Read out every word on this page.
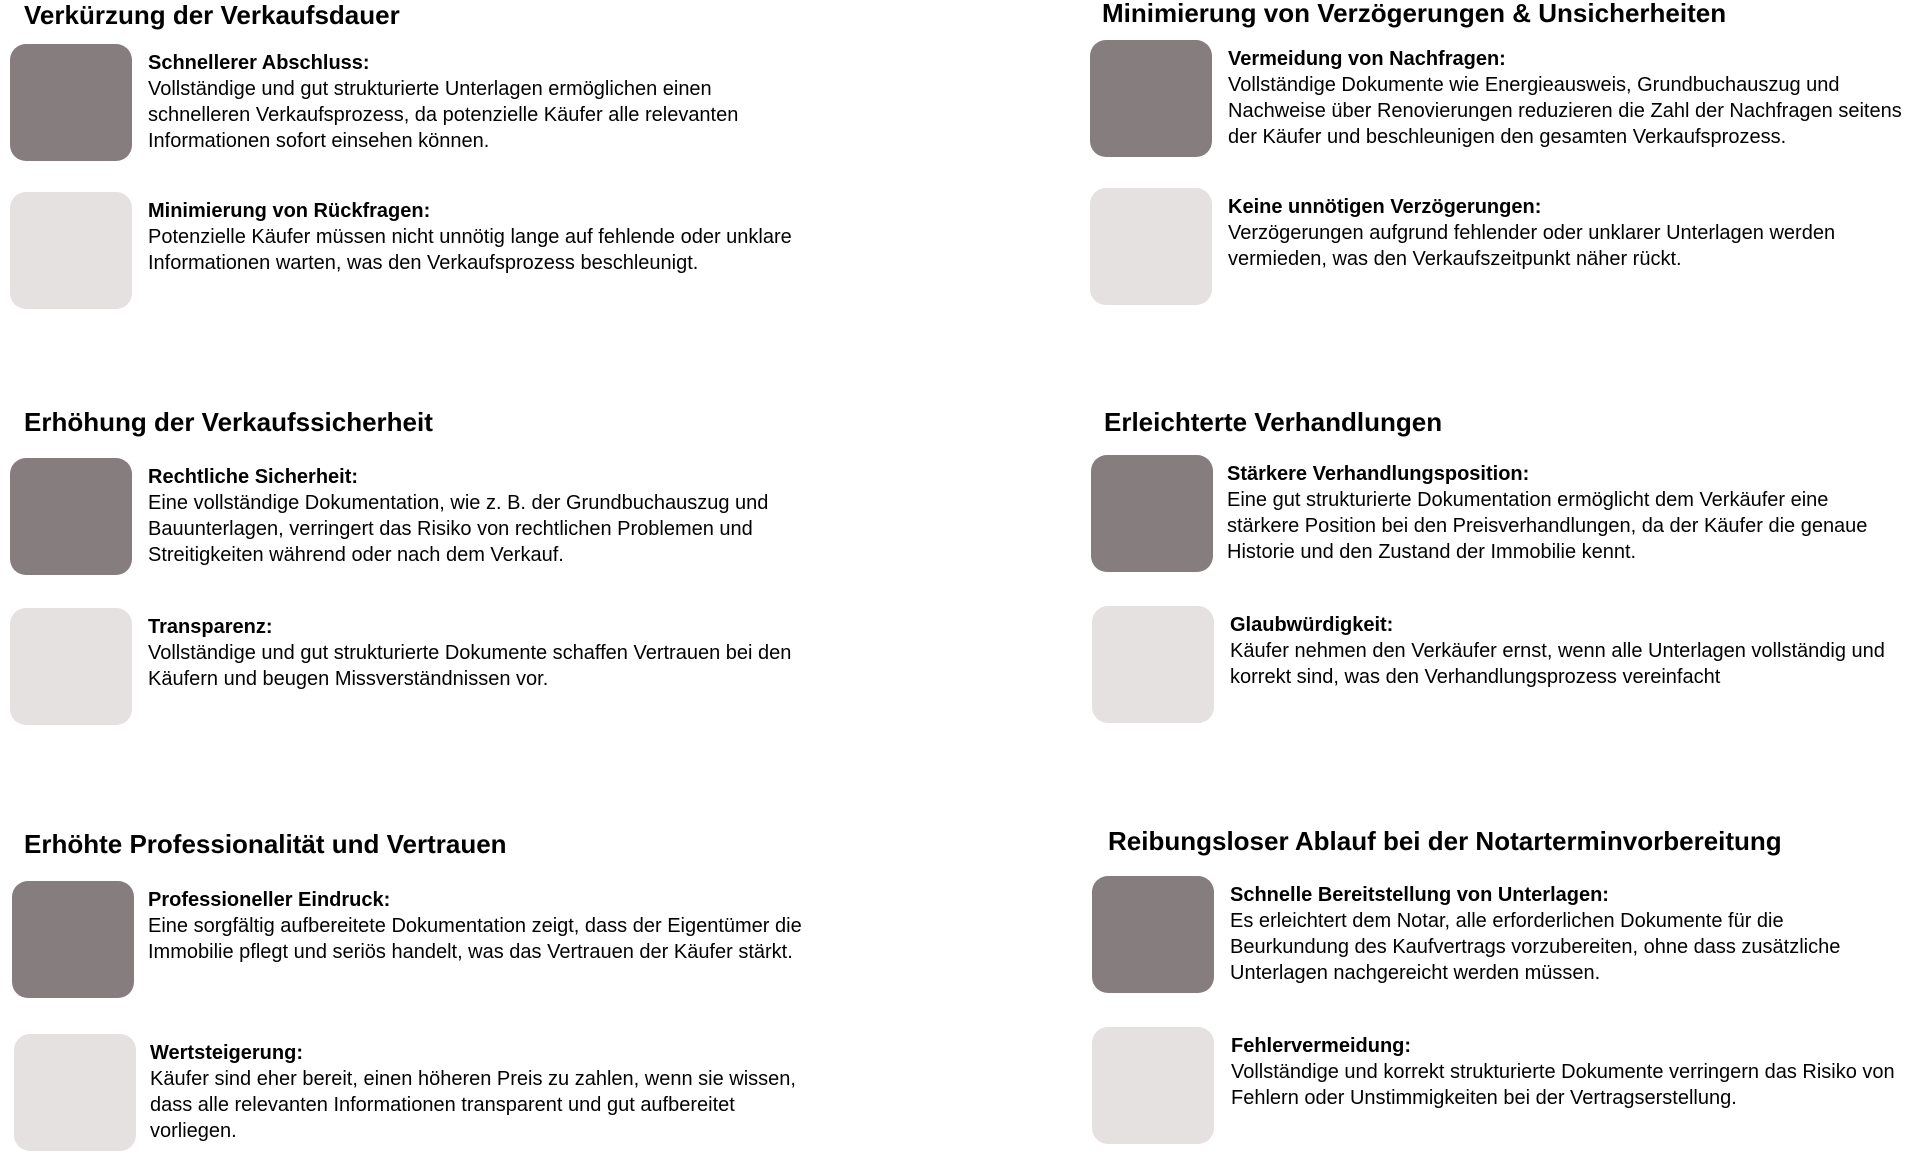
Verkürzung der Verkaufsdauer
Schnellerer Abschluss:
Vollständige und gut strukturierte Unterlagen ermöglichen einen schnelleren Verkaufsprozess, da potenzielle Käufer alle relevanten Informationen sofort einsehen können.
Minimierung von Rückfragen:
Potenzielle Käufer müssen nicht unnötig lange auf fehlende oder unklare Informationen warten, was den Verkaufsprozess beschleunigt.
Minimierung von Verzögerungen & Unsicherheiten
Vermeidung von Nachfragen:
Vollständige Dokumente wie Energieausweis, Grundbuchauszug und Nachweise über Renovierungen reduzieren die Zahl der Nachfragen seitens der Käufer und beschleunigen den gesamten Verkaufsprozess.
Keine unnötigen Verzögerungen:
Verzögerungen aufgrund fehlender oder unklarer Unterlagen werden vermieden, was den Verkaufszeitpunkt näher rückt.
Erhöhung der Verkaufssicherheit
Rechtliche Sicherheit:
Eine vollständige Dokumentation, wie z. B. der Grundbuchauszug und Bauunterlagen, verringert das Risiko von rechtlichen Problemen und Streitigkeiten während oder nach dem Verkauf.
Transparenz:
Vollständige und gut strukturierte Dokumente schaffen Vertrauen bei den Käufern und beugen Missverständnissen vor.
Erleichterte Verhandlungen
Stärkere Verhandlungsposition:
Eine gut strukturierte Dokumentation ermöglicht dem Verkäufer eine stärkere Position bei den Preisverhandlungen, da der Käufer die genaue Historie und den Zustand der Immobilie kennt.
Glaubwürdigkeit:
Käufer nehmen den Verkäufer ernst, wenn alle Unterlagen vollständig und korrekt sind, was den Verhandlungsprozess vereinfacht
Erhöhte Professionalität und Vertrauen
Professioneller Eindruck:
Eine sorgfältig aufbereitete Dokumentation zeigt, dass der Eigentümer die Immobilie pflegt und seriös handelt, was das Vertrauen der Käufer stärkt.
Wertsteigerung:
Käufer sind eher bereit, einen höheren Preis zu zahlen, wenn sie wissen, dass alle relevanten Informationen transparent und gut aufbereitet vorliegen.
Reibungsloser Ablauf bei der Notarterminvorbereitung
Schnelle Bereitstellung von Unterlagen:
Es erleichtert dem Notar, alle erforderlichen Dokumente für die Beurkundung des Kaufvertrags vorzubereiten, ohne dass zusätzliche Unterlagen nachgereicht werden müssen.
Fehlervermeidung:
Vollständige und korrekt strukturierte Dokumente verringern das Risiko von Fehlern oder Unstimmigkeiten bei der Vertragserstellung.
